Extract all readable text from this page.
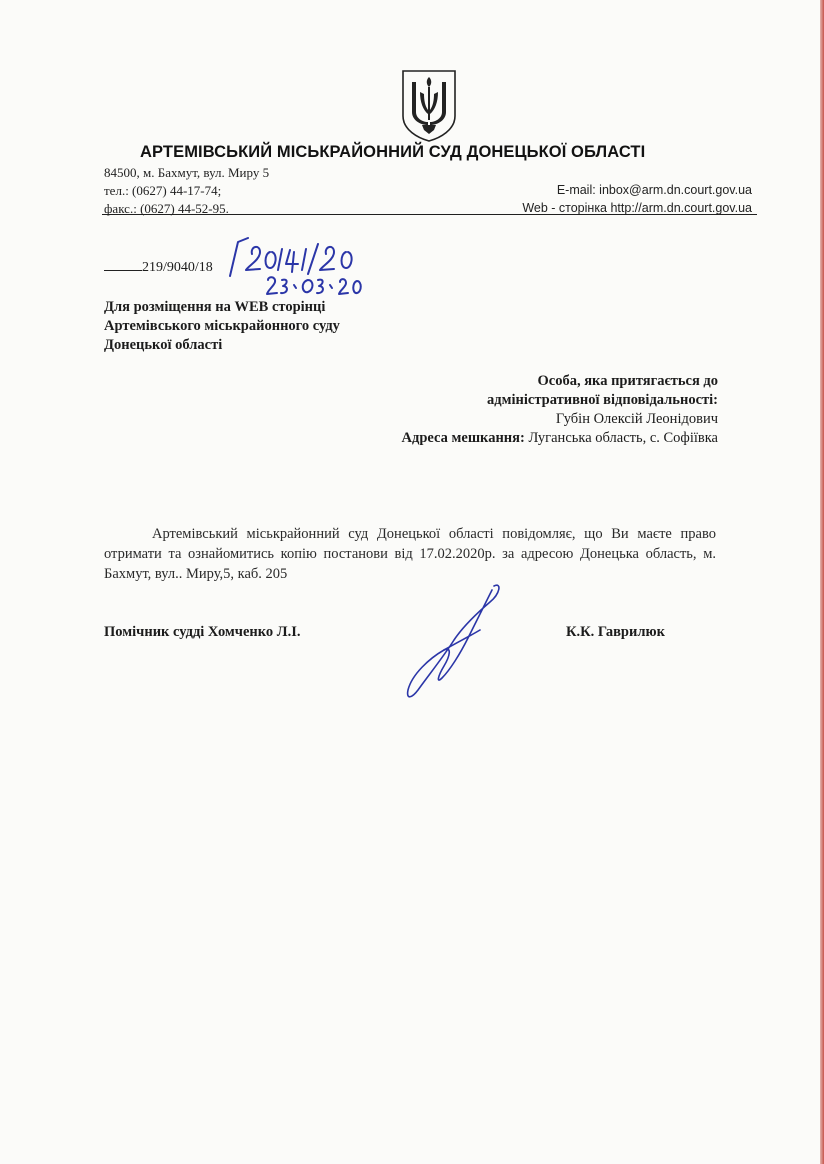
АРТЕМІВСЬКИЙ МІСЬКРАЙОННИЙ СУД ДОНЕЦЬКОЇ ОБЛАСТІ
84500, м. Бахмут, вул. Миру 5
тел.: (0627) 44-17-74;
факс.: (0627) 44-52-95.
E-mail: inbox@arm.dn.court.gov.ua
Web - сторінка http://arm.dn.court.gov.ua
219/9040/18
Для розміщення на WEB сторінці
Артемівського міськрайонного суду
Донецької області
Особа, яка притягається до
адміністративної відповідальності:
Губін Олексій Леонідович
Адреса мешкання: Луганська область, с. Софіївка
Артемівський міськрайонний суд Донецької області повідомляє, що Ви маєте право отримати та ознайомитись копію постанови від 17.02.2020р. за адресою Донецька область, м. Бахмут, вул.. Миру,5, каб. 205
Помічник судді Хомченко Л.І.	К.К. Гаврилюк
